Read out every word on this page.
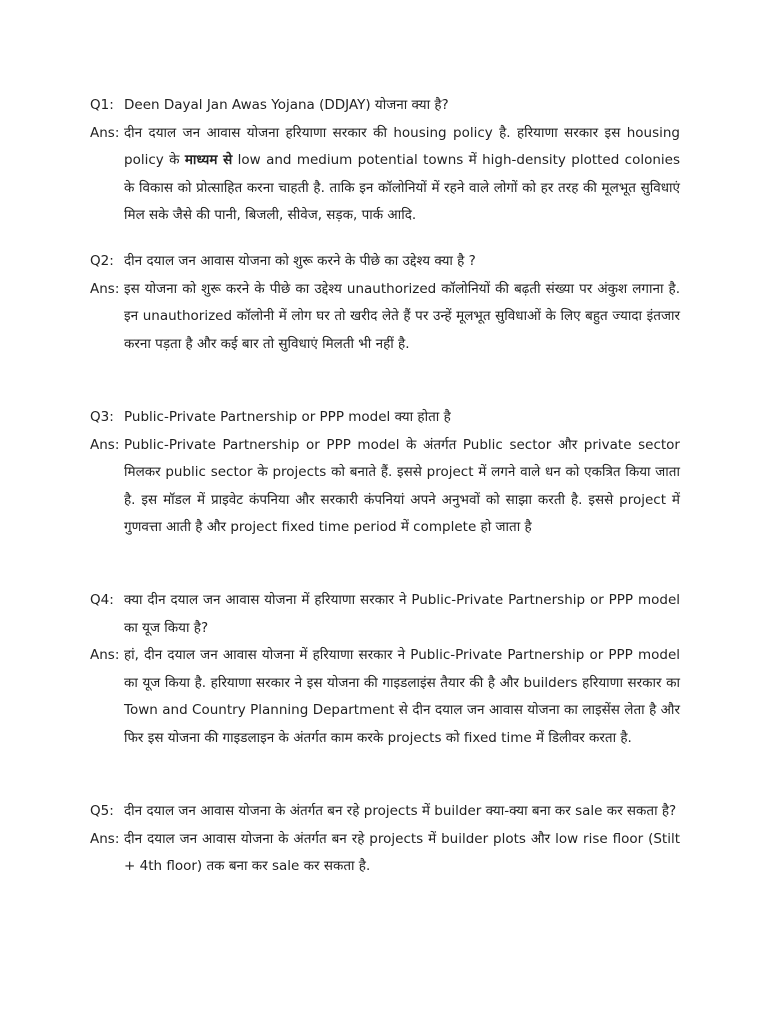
Q1: Deen Dayal Jan Awas Yojana (DDJAY) योजना क्या है?
Ans: दीन दयाल जन आवास योजना हरियाणा सरकार की housing policy है. हरियाणा सरकार इस housing policy के माध्यम से low and medium potential towns में high-density plotted colonies के विकास को प्रोत्साहित करना चाहती है. ताकि इन कॉलोनियों में रहने वाले लोगों को हर तरह की मूलभूत सुविधाएं मिल सके जैसे की पानी, बिजली, सीवेज, सड़क, पार्क आदि.
Q2: दीन दयाल जन आवास योजना को शुरू करने के पीछे का उद्देश्य क्या है ?
Ans: इस योजना को शुरू करने के पीछे का उद्देश्य unauthorized कॉलोनियों की बढ़ती संख्या पर अंकुश लगाना है. इन unauthorized कॉलोनी में लोग घर तो खरीद लेते हैं पर उन्हें मूलभूत सुविधाओं के लिए बहुत ज्यादा इंतजार करना पड़ता है और कई बार तो सुविधाएं मिलती भी नहीं है.
Q3: Public-Private Partnership or PPP model क्या होता है
Ans: Public-Private Partnership or PPP model के अंतर्गत Public sector और private sector मिलकर public sector के projects को बनाते हैं. इससे project में लगने वाले धन को एकत्रित किया जाता है. इस मॉडल में प्राइवेट कंपनिया और सरकारी कंपनियां अपने अनुभवों को साझा करती है. इससे project में गुणवत्ता आती है और project fixed time period में complete हो जाता है
Q4: क्या दीन दयाल जन आवास योजना में हरियाणा सरकार ने Public-Private Partnership or PPP model का यूज किया है?
Ans: हां, दीन दयाल जन आवास योजना में हरियाणा सरकार ने Public-Private Partnership or PPP model का यूज किया है. हरियाणा सरकार ने इस योजना की गाइडलाइंस तैयार की है और builders हरियाणा सरकार का Town and Country Planning Department से दीन दयाल जन आवास योजना का लाइसेंस लेता है और फिर इस योजना की गाइडलाइन के अंतर्गत काम करके projects को fixed time में डिलीवर करता है.
Q5: दीन दयाल जन आवास योजना के अंतर्गत बन रहे projects में builder क्या-क्या बना कर sale कर सकता है?
Ans: दीन दयाल जन आवास योजना के अंतर्गत बन रहे projects में builder plots और low rise floor (Stilt + 4th floor) तक बना कर sale कर सकता है.
